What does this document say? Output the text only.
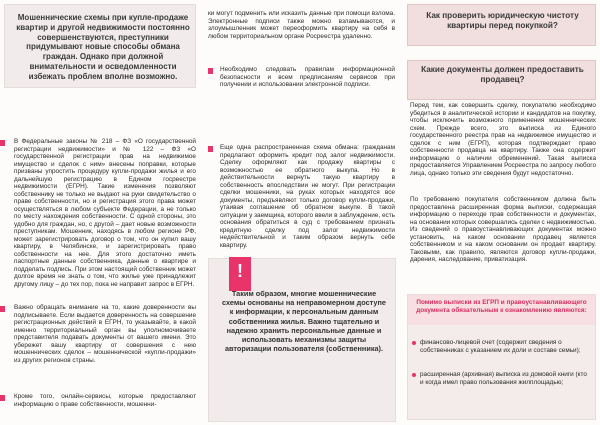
Мошеннические схемы при купле-продаже квартир и другой недвижимости постоянно совершенствуются, преступники придумывают новые способы обмана граждан. Однако при должной внимательности и осведомленности избежать проблем вполне возможно.

В Федеральные законы № 218 – ФЗ «О государственной регистрации недвижимости» и № 122 – ФЗ «О государственной регистрации прав на недвижимое имущество и сделок с ним» внесены поправки, которые призваны упростить процедуру купли-продажи жилья и его дальнейшую регистрацию в Едином госреестре недвижимости (ЕГРН). Такие изменения позволяют собственнику не только не выдают на руки свидетельство о праве собственности, но и регистрация этого права может осуществляться в любом субъекте Федерации, а не только по месту нахождения собственности. С одной стороны, это удобно для граждан, но, с другой – дает новые возможности преступникам. Мошенник, находясь в любом регионе РФ, может зарегистрировать договор о том, что он купил вашу квартиру, в Челябинске, и зарегистрировать право собственности на нее. Для этого достаточно иметь паспортные данные собственника, данные о квартире и подделать подпись. При этом настоящий собственник может долгое время не знать о том, что жилье уже принадлежит другому лицу – до тех пор, пока не направит запрос в ЕГРН.

Важно обращать внимание на то, какие доверенности вы подписываете. Если выдается доверенность на совершение регистрационных действий в ЕГРН, то указывайте, в какой именно территориальный орган вы уполномочиваете представителя подавать документы от вашего имени. Это убережет вашу квартиру от совершения с нею мошеннических сделок – мошеннической «купли-продажи» из других регионов страны.

Кроме того, онлайн-сервисы, которые предоставляют информацию о праве собственности, мошенни-

ки могут подменить или исказить данные при помощи взлома. Электронные подписи также можно взламываются, и злоумышленник может переоформить квартиру на себя в любом территориальном органе Росреестра удаленно.

Необходимо следовать правилам информационной безопасности и всем предписаниям сервисов при получении и использовании электронной подписи.

Еще одна распространенная схема обмана: гражданам предлагают оформить кредит под залог недвижимости. Сделку оформляют как продажу квартиры с возможностью ее обратного выкупа. Но в действительности вернуть такую квартиру в собственность впоследствии не могут. При регистрации сделки мошенники, на руках которых находятся все документы, предъявляют только договор купли-продажи, утаивая соглашение об обратном выкупе. В такой ситуации у заемщика, которого ввели в заблуждение, есть основания обратиться в суд с требованием признать кредитную сделку под залог недвижимости недействительной и таким образом вернуть себе квартиру.

!

Таким образом, многие мошеннические схемы основаны на неправомерном доступе к информации, к персональным данным собственника жилья. Важно тщательно и надежно хранить персональные данные и использовать механизмы защиты авторизации пользователя (собственника).

Как проверить юридическую чистоту квартиры перед покупкой?

Какие документы должен предоставить продавец?

Перед тем, как совершить сделку, покупателю необходимо убедиться в аналитической истории и кандидатов на покупку, чтобы исключить возможного применения мошеннических схем. Прежде всего, это выписка из Единого государственного реестра прав на недвижимое имущество и сделок с ним (ЕГРП), которая подтверждает право собственности продавца на квартиру. Также она содержит информацию о наличии обременений. Такая выписка предоставляется Управлением Росреестра по запросу любого лица, однако только эти сведения будут недостаточно.

По требованию покупателя собственником должна быть предоставлена расширенная форма выписки, содержащая информацию о переходе прав собственности и документах, на основании которых совершались сделки с недвижимостью. Из сведений о правоустанавливающих документах можно установить, на каком основании продавец является собственником и на каком основании он продает квартиру. Таковыми, как правило, являются договор купли-продажи, дарения, наследование, приватизация.

Помимо выписки из ЕГРП и правоустанавливающего документа обязательным к ознакомлению являются:

финансово-лицевой счет (содержит сведения о собственниках с указанием их доли и составе семьи);
расширенная (архивная) выписка из домовой книги (кто и когда имел право пользования жилплощадью;
